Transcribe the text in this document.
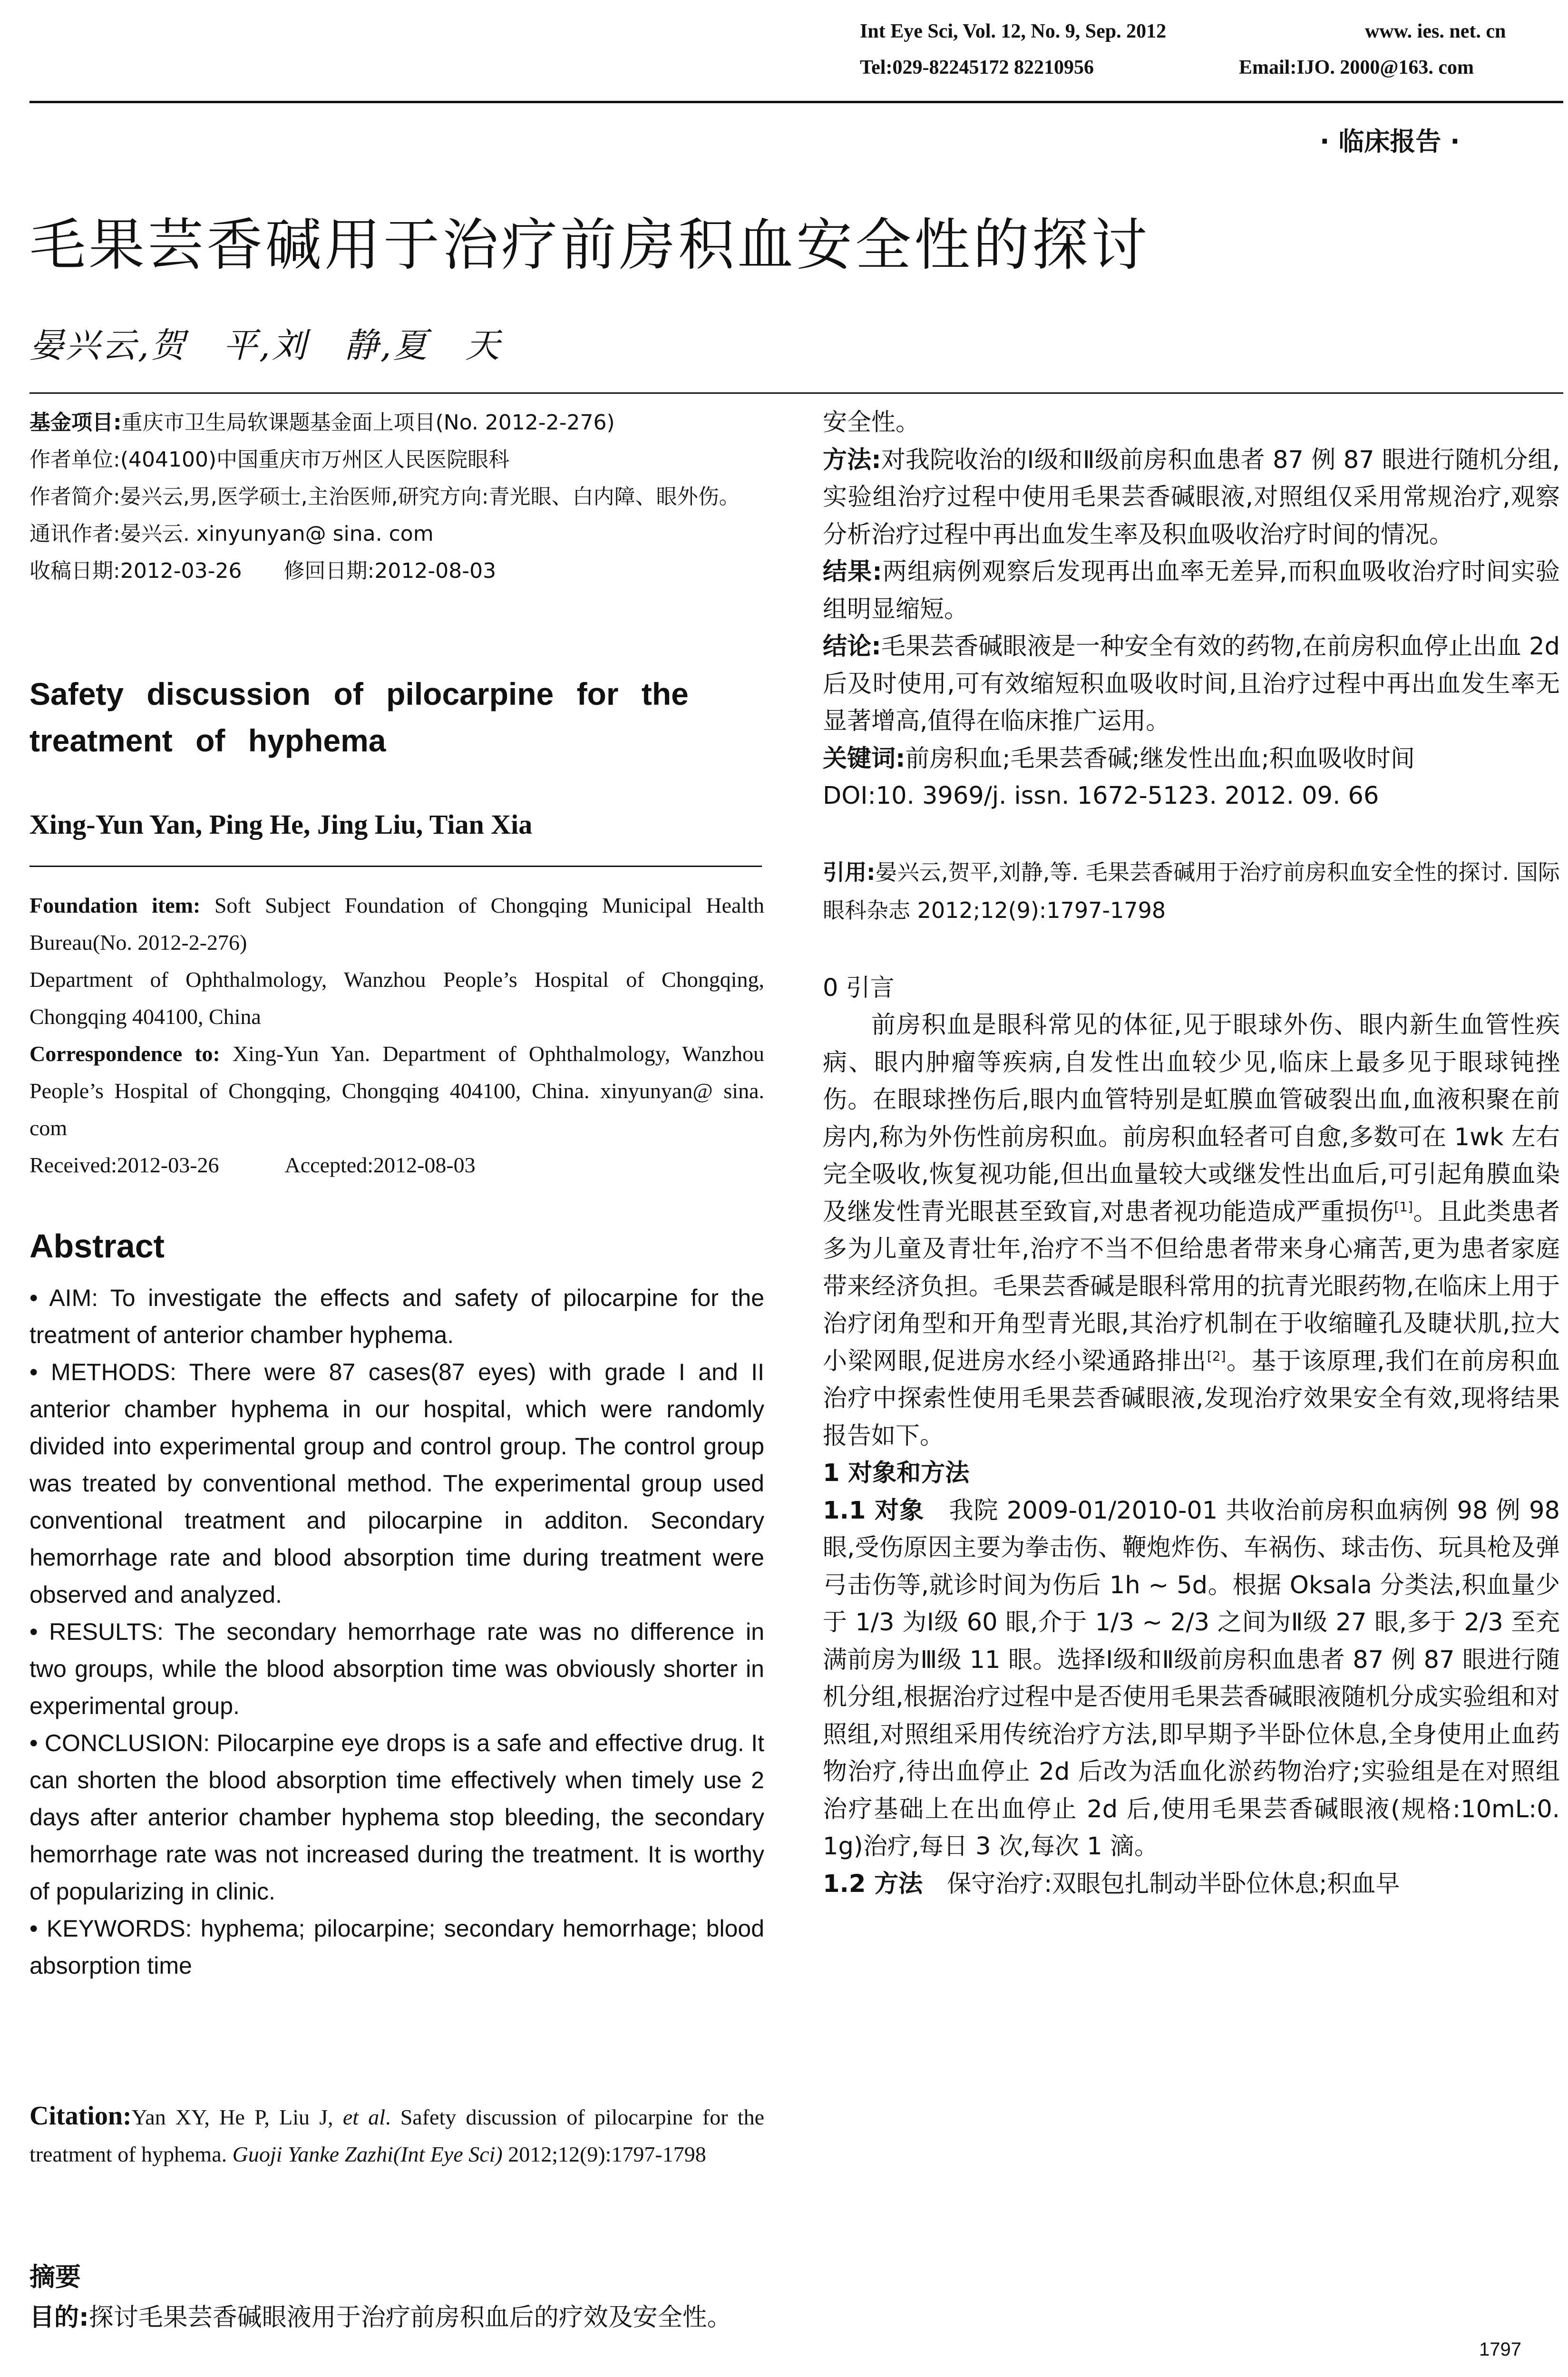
Int Eye Sci, Vol. 12, No. 9, Sep. 2012	www. ies. net. cn
Tel:029-82245172 82210956	Email:IJO. 2000@163. com
· 临床报告 ·
毛果芸香碱用于治疗前房积血安全性的探讨
晏兴云,贺　平,刘　静,夏　天

基金项目:重庆市卫生局软课题基金面上项目(No. 2012-2-276)

作者单位:(404100)中国重庆市万州区人民医院眼科

作者简介:晏兴云,男,医学硕士,主治医师,研究方向:青光眼、白内障、眼外伤。

通讯作者:晏兴云. xinyunyan@ sina. com

收稿日期:2012-03-26　　修回日期:2012-08-03

Safety discussion of pilocarpine for the treatment of hyphema
Xing-Yun Yan, Ping He, Jing Liu, Tian Xia

Foundation item: Soft Subject Foundation of Chongqing Municipal Health Bureau(No. 2012-2-276)

Department of Ophthalmology, Wanzhou People’s Hospital of Chongqing, Chongqing 404100, China

Correspondence to: Xing-Yun Yan. Department of Ophthalmology, Wanzhou People’s Hospital of Chongqing, Chongqing 404100, China. xinyunyan@ sina. com

Received:2012-03-26　　　Accepted:2012-08-03

Abstract

• AIM: To investigate the effects and safety of pilocarpine for the treatment of anterior chamber hyphema.

• METHODS: There were 87 cases(87 eyes) with grade I and II anterior chamber hyphema in our hospital, which were randomly divided into experimental group and control group. The control group was treated by conventional method. The experimental group used conventional treatment and pilocarpine in additon. Secondary hemorrhage rate and blood absorption time during treatment were observed and analyzed.

• RESULTS: The secondary hemorrhage rate was no difference in two groups, while the blood absorption time was obviously shorter in experimental group.

• CONCLUSION: Pilocarpine eye drops is a safe and effective drug. It can shorten the blood absorption time effectively when timely use 2 days after anterior chamber hyphema stop bleeding, the secondary hemorrhage rate was not increased during the treatment. It is worthy of popularizing in clinic.

• KEYWORDS: hyphema; pilocarpine; secondary hemorrhage; blood absorption time

Citation:Yan XY, He P, Liu J, et al. Safety discussion of pilocarpine for the treatment of hyphema. Guoji Yanke Zazhi(Int Eye Sci) 2012;12(9):1797-1798

摘要
目的:探讨毛果芸香碱眼液用于治疗前房积血后的疗效及安全性。

安全性。

方法:对我院收治的Ⅰ级和Ⅱ级前房积血患者 87 例 87 眼进行随机分组,实验组治疗过程中使用毛果芸香碱眼液,对照组仅采用常规治疗,观察分析治疗过程中再出血发生率及积血吸收治疗时间的情况。

结果:两组病例观察后发现再出血率无差异,而积血吸收治疗时间实验组明显缩短。

结论:毛果芸香碱眼液是一种安全有效的药物,在前房积血停止出血 2d 后及时使用,可有效缩短积血吸收时间,且治疗过程中再出血发生率无显著增高,值得在临床推广运用。

关键词:前房积血;毛果芸香碱;继发性出血;积血吸收时间

DOI:10. 3969/j. issn. 1672-5123. 2012. 09. 66

引用:晏兴云,贺平,刘静,等. 毛果芸香碱用于治疗前房积血安全性的探讨. 国际眼科杂志 2012;12(9):1797-1798

0 引言

前房积血是眼科常见的体征,见于眼球外伤、眼内新生血管性疾病、眼内肿瘤等疾病,自发性出血较少见,临床上最多见于眼球钝挫伤。在眼球挫伤后,眼内血管特别是虹膜血管破裂出血,血液积聚在前房内,称为外伤性前房积血。前房积血轻者可自愈,多数可在 1wk 左右完全吸收,恢复视功能,但出血量较大或继发性出血后,可引起角膜血染及继发性青光眼甚至致盲,对患者视功能造成严重损伤[1]。且此类患者多为儿童及青壮年,治疗不当不但给患者带来身心痛苦,更为患者家庭带来经济负担。毛果芸香碱是眼科常用的抗青光眼药物,在临床上用于治疗闭角型和开角型青光眼,其治疗机制在于收缩瞳孔及睫状肌,拉大小梁网眼,促进房水经小梁通路排出[2]。基于该原理,我们在前房积血治疗中探索性使用毛果芸香碱眼液,发现治疗效果安全有效,现将结果报告如下。

1 对象和方法

1.1 对象　 我院 2009-01/2010-01 共收治前房积血病例 98 例 98 眼,受伤原因主要为拳击伤、鞭炮炸伤、车祸伤、球击伤、玩具枪及弹弓击伤等,就诊时间为伤后 1h ~ 5d。根据 Oksala 分类法,积血量少于 1/3 为Ⅰ级 60 眼,介于 1/3 ~ 2/3 之间为Ⅱ级 27 眼,多于 2/3 至充满前房为Ⅲ级 11 眼。选择Ⅰ级和Ⅱ级前房积血患者 87 例 87 眼进行随机分组,根据治疗过程中是否使用毛果芸香碱眼液随机分成实验组和对照组,对照组采用传统治疗方法,即早期予半卧位休息,全身使用止血药物治疗,待出血停止 2d 后改为活血化淤药物治疗;实验组是在对照组治疗基础上在出血停止 2d 后,使用毛果芸香碱眼液(规格:10mL:0. 1g)治疗,每日 3 次,每次 1 滴。

1.2 方法　 保守治疗:双眼包扎制动半卧位休息;积血早

1797
